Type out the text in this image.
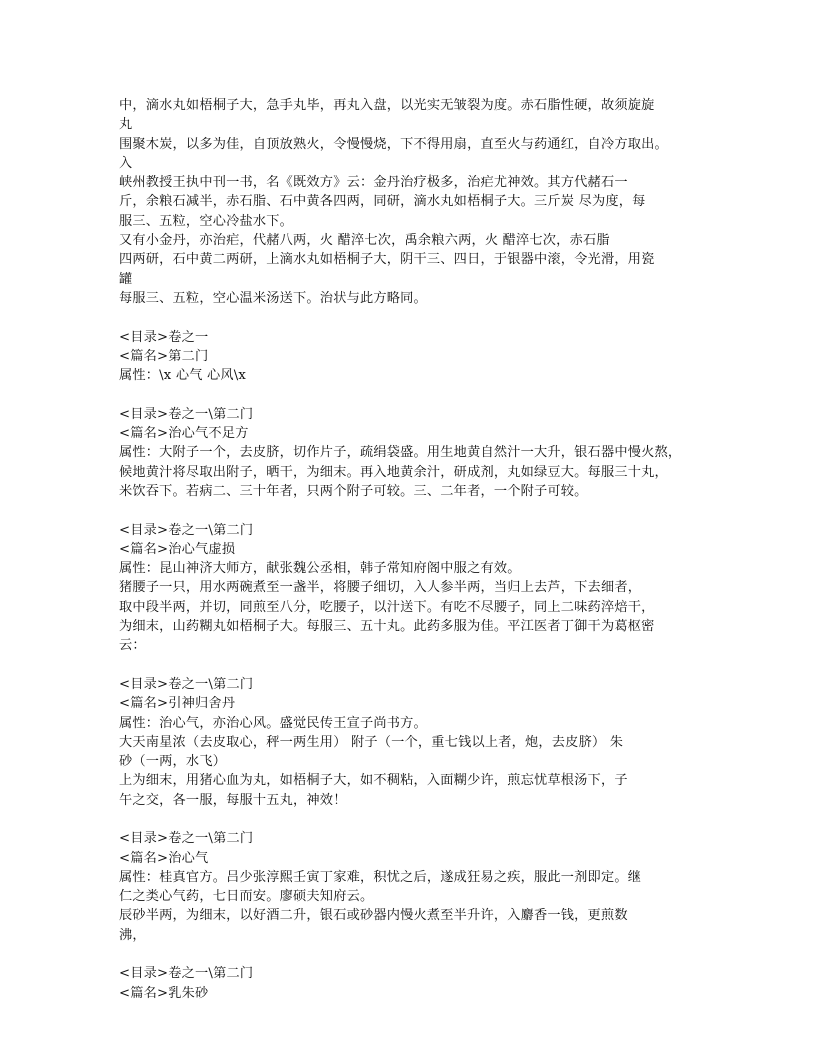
中，滴水丸如梧桐子大，急手丸毕，再丸入盘，以光实无皱裂为度。赤石脂性硬，故须旋旋
丸
围聚木炭，以多为佳，自顶放熟火，令慢慢烧，下不得用扇，直至火与药通红，自冷方取出。
入
峡州教授王执中刊一书，名《既效方》云：金丹治疗极多，治疟尤神效。其方代赭石一
斤，余粮石减半，赤石脂、石中黄各四两，同研，滴水丸如梧桐子大。三斤炭 尽为度，每
服三、五粒，空心冷盐水下。
又有小金丹，亦治疟，代赭八两，火 醋淬七次，禹余粮六两，火 醋淬七次，赤石脂
四两研，石中黄二两研，上滴水丸如梧桐子大，阴干三、四日，于银器中滚，令光滑，用瓷
罐
每服三、五粒，空心温米汤送下。治状与此方略同。
<目录>卷之一
<篇名>第二门
属性：\x 心气 心风\x
<目录>卷之一\第二门
<篇名>治心气不足方
属性：大附子一个，去皮脐，切作片子，疏绢袋盛。用生地黄自然汁一大升，银石器中慢火熬，
候地黄汁将尽取出附子，晒干，为细末。再入地黄余汁，研成剂，丸如绿豆大。每服三十丸，
米饮吞下。若病二、三十年者，只两个附子可较。三、二年者，一个附子可较。
<目录>卷之一\第二门
<篇名>治心气虚损
属性：昆山神济大师方，献张魏公丞相，韩子常知府阁中服之有效。
猪腰子一只，用水两碗煮至一盏半，将腰子细切，入人参半两，当归上去芦，下去细者，
取中段半两，并切，同煎至八分，吃腰子，以汁送下。有吃不尽腰子，同上二味药淬焙干，
为细末，山药糊丸如梧桐子大。每服三、五十丸。此药多服为佳。平江医者丁御干为葛枢密
云：
<目录>卷之一\第二门
<篇名>引神归舍丹
属性：治心气，亦治心风。盛觉民传王宣子尚书方。
大天南星浓（去皮取心，秤一两生用） 附子（一个，重七钱以上者，炮，去皮脐） 朱
砂（一两，水飞）
上为细末，用猪心血为丸，如梧桐子大，如不稠粘，入面糊少许，煎忘忧草根汤下，子
午之交，各一服，每服十五丸，神效！
<目录>卷之一\第二门
<篇名>治心气
属性：桂真官方。吕少张淳熙壬寅丁家难，积忧之后，遂成狂易之疾，服此一剂即定。继
仁之类心气药，七日而安。廖硕夫知府云。
辰砂半两，为细末，以好酒二升，银石或砂器内慢火煮至半升许，入麝香一钱，更煎数
沸，
<目录>卷之一\第二门
<篇名>乳朱砂
